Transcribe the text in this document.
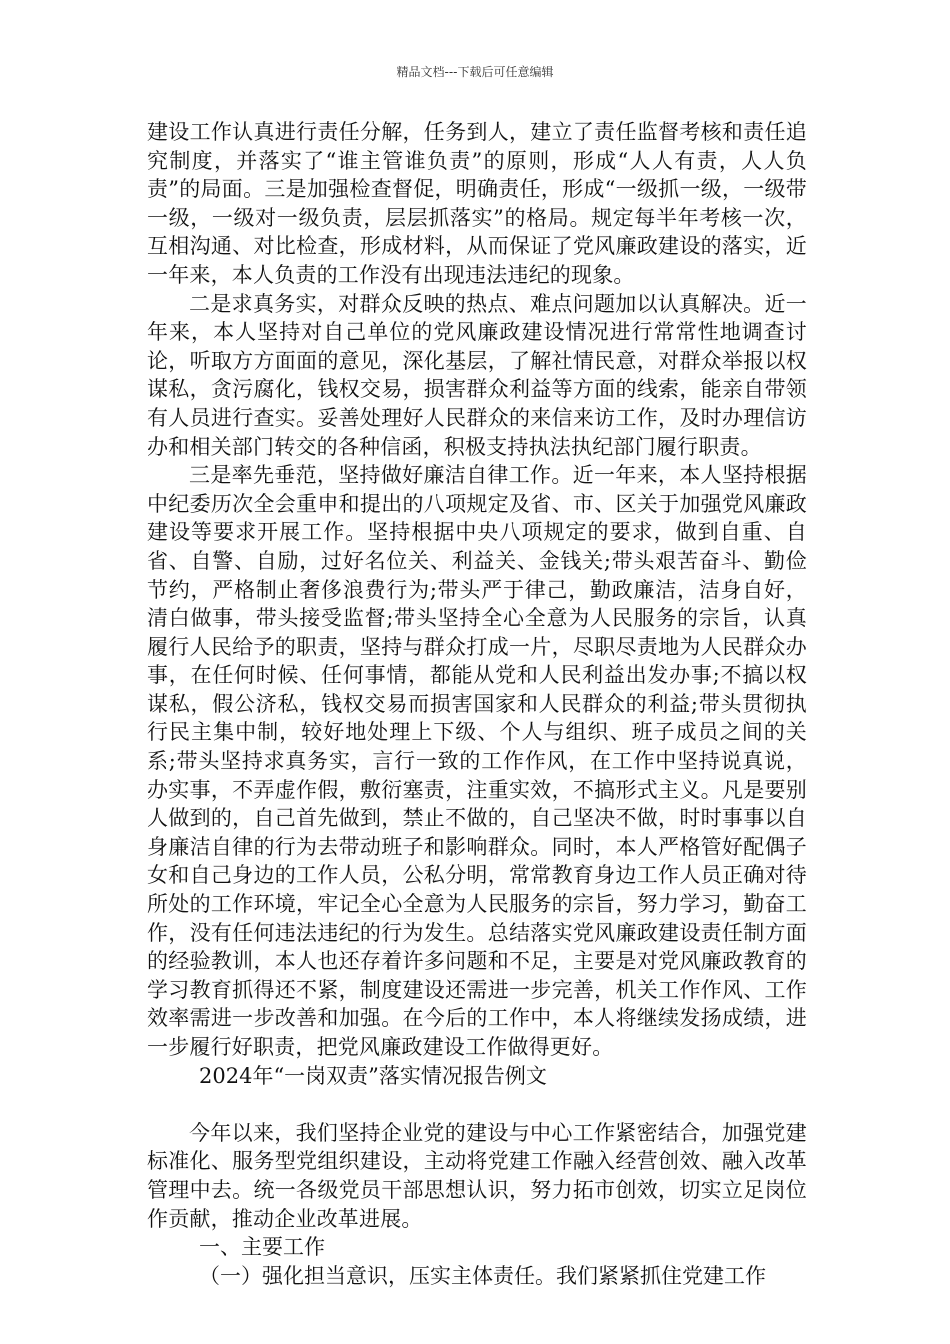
精品文档---下载后可任意编辑

建设工作认真进行责任分解，任务到人，建立了责任监督考核和责任追究制度，并落实了“谁主管谁负责”的原则，形成“人人有责，人人负责”的局面。三是加强检查督促，明确责任，形成“一级抓一级，一级带一级，一级对一级负责，层层抓落实”的格局。规定每半年考核一次，互相沟通、对比检查，形成材料，从而保证了党风廉政建设的落实，近一年来，本人负责的工作没有出现违法违纪的现象。

二是求真务实，对群众反映的热点、难点问题加以认真解决。近一年来，本人坚持对自己单位的党风廉政建设情况进行常常性地调查讨论，听取方方面面的意见，深化基层，了解社情民意，对群众举报以权谋私，贪污腐化，钱权交易，损害群众利益等方面的线索，能亲自带领有人员进行查实。妥善处理好人民群众的来信来访工作，及时办理信访办和相关部门转交的各种信函，积极支持执法执纪部门履行职责。

三是率先垂范，坚持做好廉洁自律工作。近一年来，本人坚持根据中纪委历次全会重申和提出的八项规定及省、市、区关于加强党风廉政建设等要求开展工作。坚持根据中央八项规定的要求，做到自重、自省、自警、自励，过好名位关、利益关、金钱关;带头艰苦奋斗、勤俭节约，严格制止奢侈浪费行为;带头严于律己，勤政廉洁，洁身自好，清白做事，带头接受监督;带头坚持全心全意为人民服务的宗旨，认真履行人民给予的职责，坚持与群众打成一片，尽职尽责地为人民群众办事，在任何时候、任何事情，都能从党和人民利益出发办事;不搞以权谋私，假公济私，钱权交易而损害国家和人民群众的利益;带头贯彻执行民主集中制，较好地处理上下级、个人与组织、班子成员之间的关系;带头坚持求真务实，言行一致的工作作风，在工作中坚持说真说，办实事，不弄虚作假，敷衍塞责，注重实效，不搞形式主义。凡是要别人做到的，自己首先做到，禁止不做的，自己坚决不做，时时事事以自身廉洁自律的行为去带动班子和影响群众。同时，本人严格管好配偶子女和自己身边的工作人员，公私分明，常常教育身边工作人员正确对待所处的工作环境，牢记全心全意为人民服务的宗旨，努力学习，勤奋工作，没有任何违法违纪的行为发生。总结落实党风廉政建设责任制方面的经验教训，本人也还存着许多问题和不足，主要是对党风廉政教育的学习教育抓得还不紧，制度建设还需进一步完善，机关工作作风、工作效率需进一步改善和加强。在今后的工作中，本人将继续发扬成绩，进一步履行好职责，把党风廉政建设工作做得更好。

2024年“一岗双责”落实情况报告例文

今年以来，我们坚持企业党的建设与中心工作紧密结合，加强党建标准化、服务型党组织建设，主动将党建工作融入经营创效、融入改革管理中去。统一各级党员干部思想认识，努力拓市创效，切实立足岗位作贡献，推动企业改革进展。

一、主要工作

（一）强化担当意识，压实主体责任。我们紧紧抓住党建工作
